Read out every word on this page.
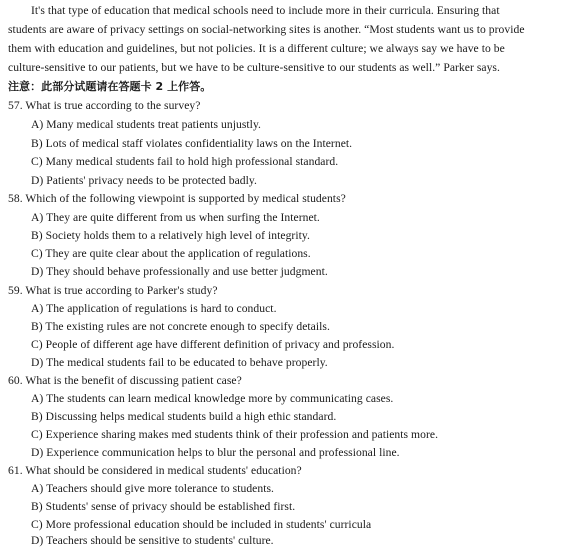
It's that type of education that medical schools need to include more in their curricula. Ensuring that
students are aware of privacy settings on social-networking sites is another. “Most students want us to provide
them with education and guidelines, but not policies. It is a different culture; we always say we have to be
culture-sensitive to our patients, but we have to be culture-sensitive to our students as well.” Parker says.
注意：此部分试题请在答题卡 2 上作答。
57. What is true according to the survey?
A) Many medical students treat patients unjustly.
B) Lots of medical staff violates confidentiality laws on the Internet.
C) Many medical students fail to hold high professional standard.
D) Patients' privacy needs to be protected badly.
58. Which of the following viewpoint is supported by medical students?
A) They are quite different from us when surfing the Internet.
B) Society holds them to a relatively high level of integrity.
C) They are quite clear about the application of regulations.
D) They should behave professionally and use better judgment.
59. What is true according to Parker's study?
A) The application of regulations is hard to conduct.
B) The existing rules are not concrete enough to specify details.
C) People of different age have different definition of privacy and profession.
D) The medical students fail to be educated to behave properly.
60. What is the benefit of discussing patient case?
A) The students can learn medical knowledge more by communicating cases.
B) Discussing helps medical students build a high ethic standard.
C) Experience sharing makes med students think of their profession and patients more.
D) Experience communication helps to blur the personal and professional line.
61. What should be considered in medical students' education?
A) Teachers should give more tolerance to students.
B) Students' sense of privacy should be established first.
C) More professional education should be included in students' curricula
D) Teachers should be sensitive to students' culture.
